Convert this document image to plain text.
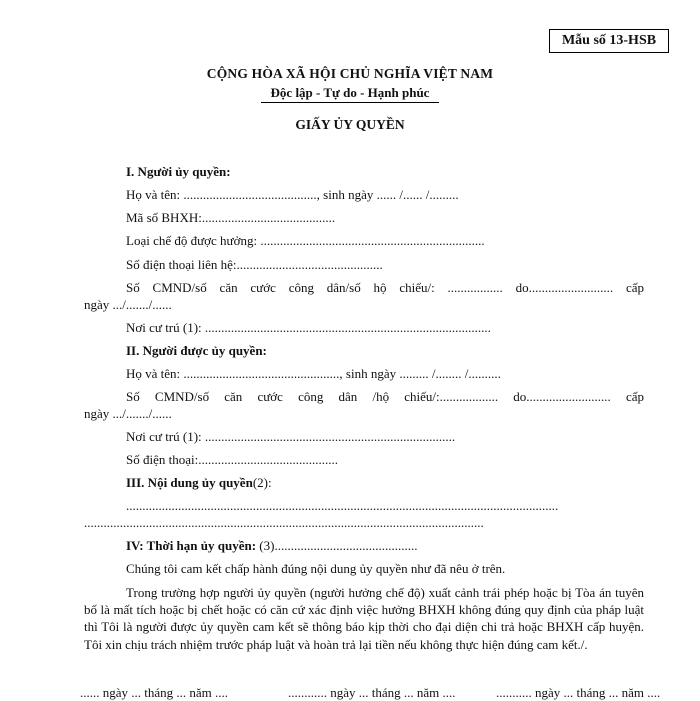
Mẫu số 13-HSB
CỘNG HÒA XÃ HỘI CHỦ NGHĨA VIỆT NAM
Độc lập - Tự do - Hạnh phúc
GIẤY ỦY QUYỀN
I. Người ủy quyền:
Họ và tên: ........................................., sinh ngày ...... /...... /.........
Mã số BHXH:.........................................
Loại chế độ được hưởng: .....................................................................
Số điện thoại liên hệ:.............................................
Số CMND/số căn cước công dân/số hộ chiếu/: ................. do.......................... cấp
ngày .../......./......
Nơi cư trú (1): ........................................................................................
II. Người được ủy quyền:
Họ và tên: ................................................, sinh ngày ......... /........ /..........
Số CMND/số căn cước công dân /hộ chiếu/:.................. do.......................... cấp
ngày .../......./......
Nơi cư trú (1): .............................................................................
Số điện thoại:...........................................
III. Nội dung ủy quyền(2):
.....................................................................................................................................
...........................................................................................................................
IV: Thời hạn ủy quyền: (3)............................................
Chúng tôi cam kết chấp hành đúng nội dung ủy quyền như đã nêu ở trên.
Trong trường hợp người ủy quyền (người hưởng chế độ) xuất cảnh trái phép hoặc bị Tòa án tuyên bố là mất tích hoặc bị chết hoặc có căn cứ xác định việc hưởng BHXH không đúng quy định của pháp luật thì Tôi là người được ủy quyền cam kết sẽ thông báo kịp thời cho đại diện chi trả hoặc BHXH cấp huyện. Tôi xin chịu trách nhiệm trước pháp luật và hoàn trả lại tiền nếu không thực hiện đúng cam kết./.
...... ngày ... tháng ... năm ....	............ ngày ... tháng ... năm ....	........... ngày ... tháng ... năm ....
